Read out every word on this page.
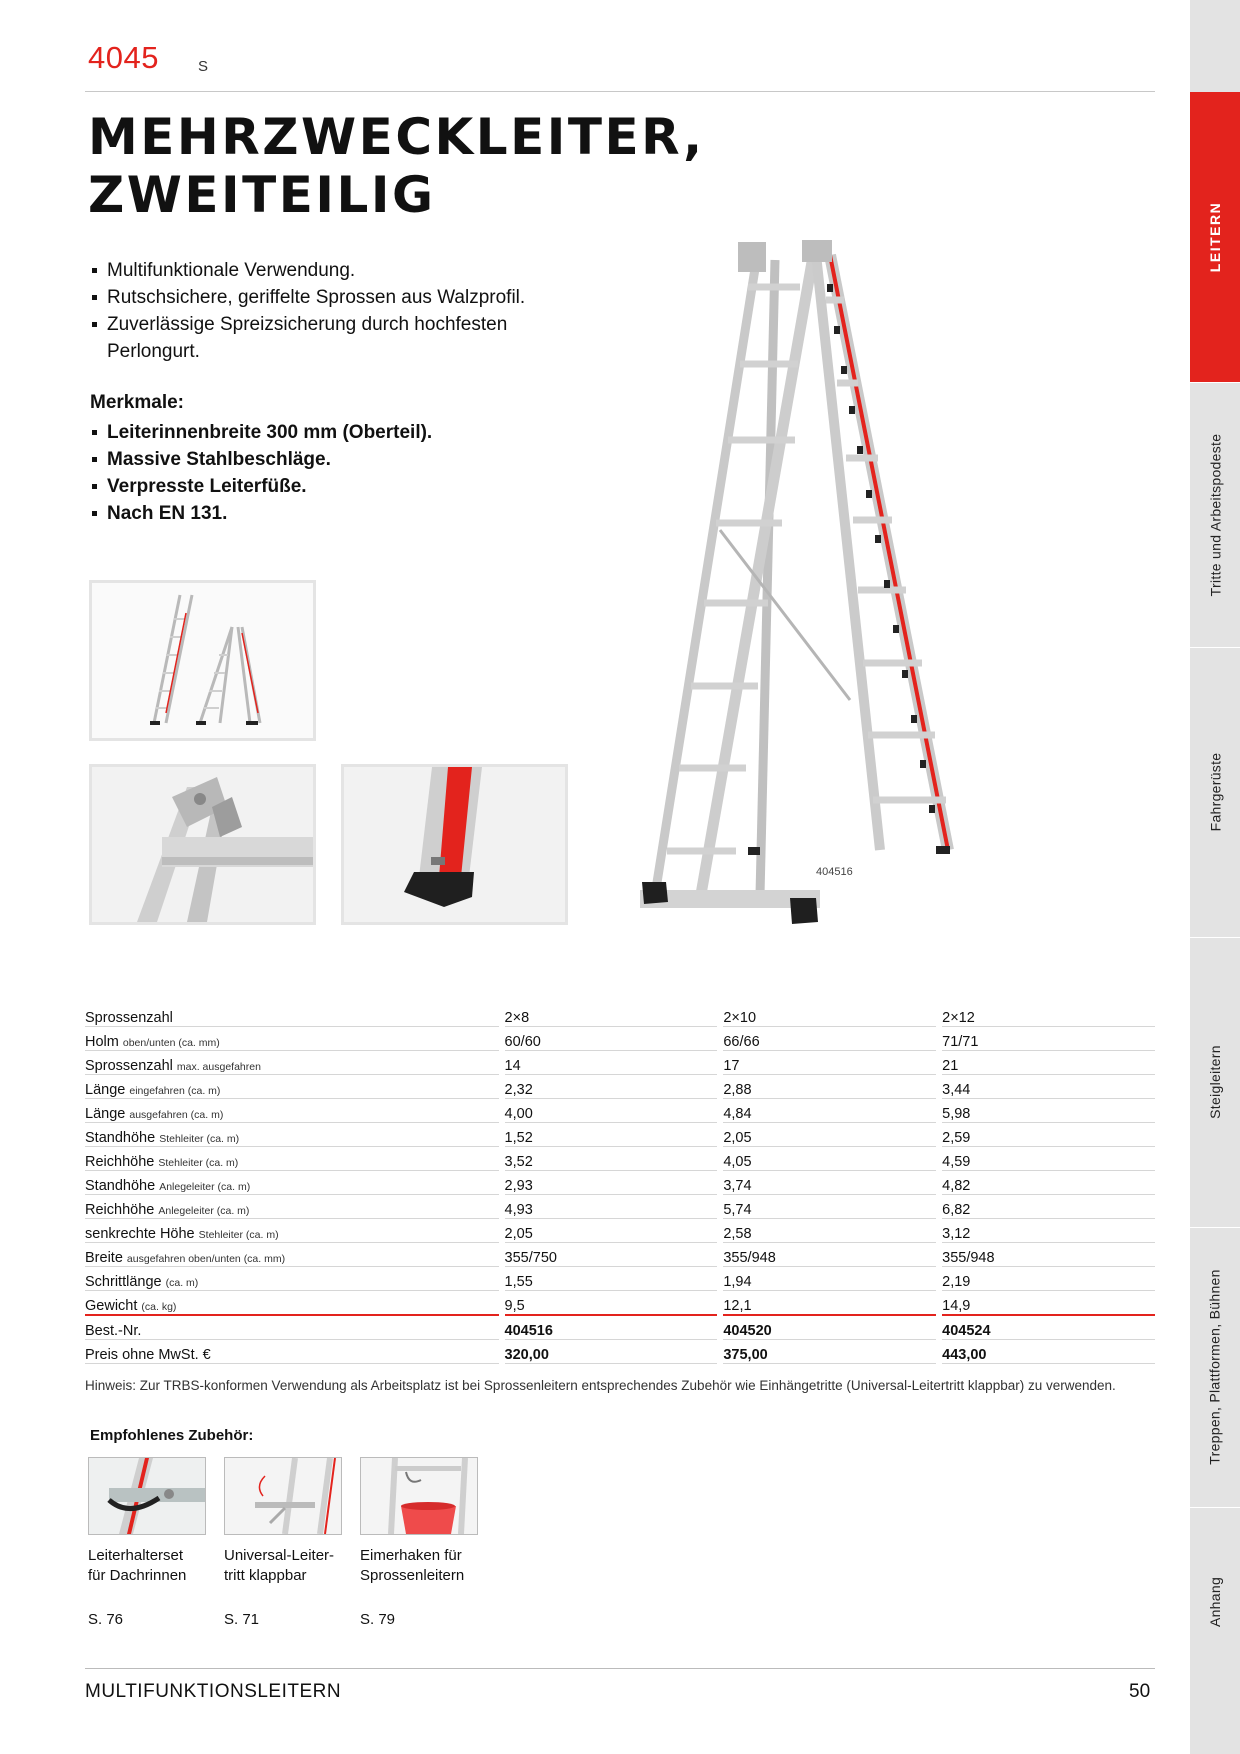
4045	S
MEHRZWECKLEITER,
ZWEITEILIG
Multifunktionale Verwendung.
Rutschsichere, geriffelte Sprossen aus Walzprofil.
Zuverlässige Spreizsicherung durch hochfesten Perlongurt.
Merkmale:
Leiterinnenbreite 300 mm (Oberteil).
Massive Stahlbeschläge.
Verpresste Leiterfüße.
Nach EN 131.
404516
LEITERN
Tritte und Arbeitspodeste
Fahrgerüste
Steigleitern
Treppen, Plattformen, Bühnen
Anhang
Sprossenzahl		2×8		2×10		2×12
Holm oben/unten (ca. mm)		60/60		66/66		71/71
Sprossenzahl max. ausgefahren		14		17		21
Länge eingefahren (ca. m)		2,32		2,88		3,44
Länge ausgefahren (ca. m)		4,00		4,84		5,98
Standhöhe Stehleiter (ca. m)		1,52		2,05		2,59
Reichhöhe Stehleiter (ca. m)		3,52		4,05		4,59
Standhöhe Anlegeleiter (ca. m)		2,93		3,74		4,82
Reichhöhe Anlegeleiter (ca. m)		4,93		5,74		6,82
senkrechte Höhe Stehleiter (ca. m)		2,05		2,58		3,12
Breite ausgefahren oben/unten (ca. mm)		355/750		355/948		355/948
Schrittlänge (ca. m)		1,55		1,94		2,19
Gewicht (ca. kg)		9,5		12,1		14,9
Best.-Nr.		404516		404520		404524
Preis ohne MwSt. €		320,00		375,00		443,00
Hinweis: Zur TRBS-konformen Verwendung als Arbeitsplatz ist bei Sprossenleitern entsprechendes Zubehör wie Einhängetritte (Universal-Leitertritt klappbar) zu verwenden.
Empfohlenes Zubehör:
Leiterhalterset
für Dachrinnen
Universal-Leiter-
tritt klappbar
Eimerhaken für
Sprossenleitern
S. 76	S. 71	S. 79
MULTIFUNKTIONSLEITERN	50
